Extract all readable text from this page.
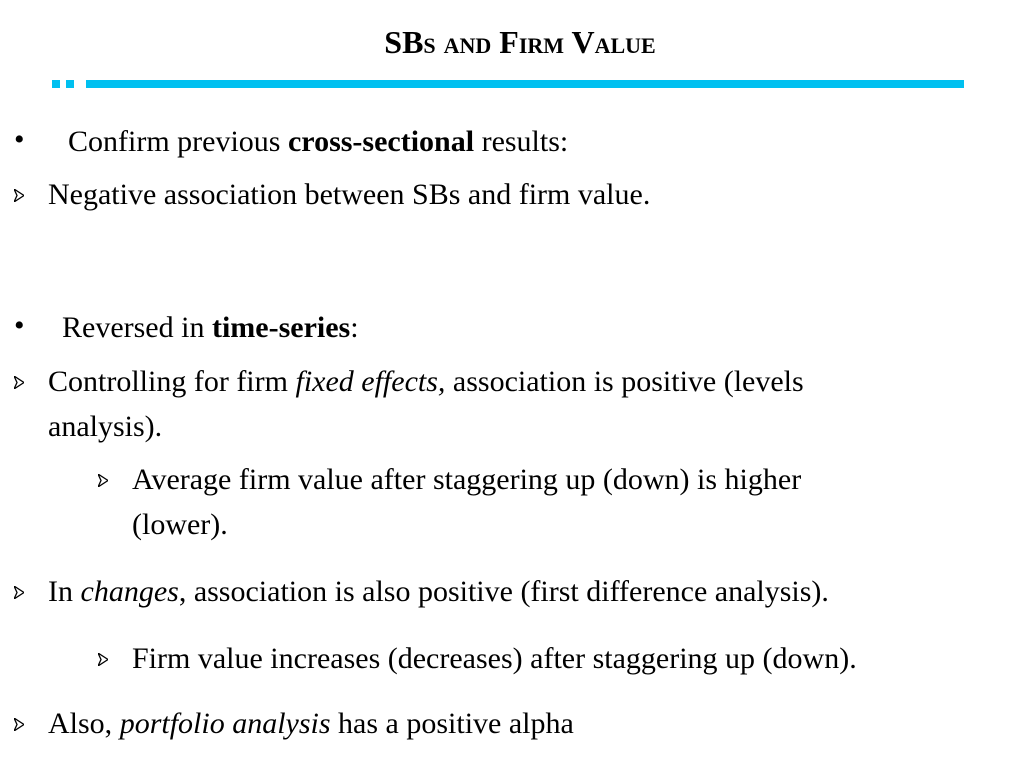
SBs and Firm Value
• Confirm previous cross-sectional results:
Negative association between SBs and firm value.
• Reversed in time-series:
Controlling for firm fixed effects, association is positive (levels
analysis).
Average firm value after staggering up (down) is higher
(lower).
In changes, association is also positive (first difference analysis).
Firm value increases (decreases) after staggering up (down).
Also, portfolio analysis has a positive alpha
